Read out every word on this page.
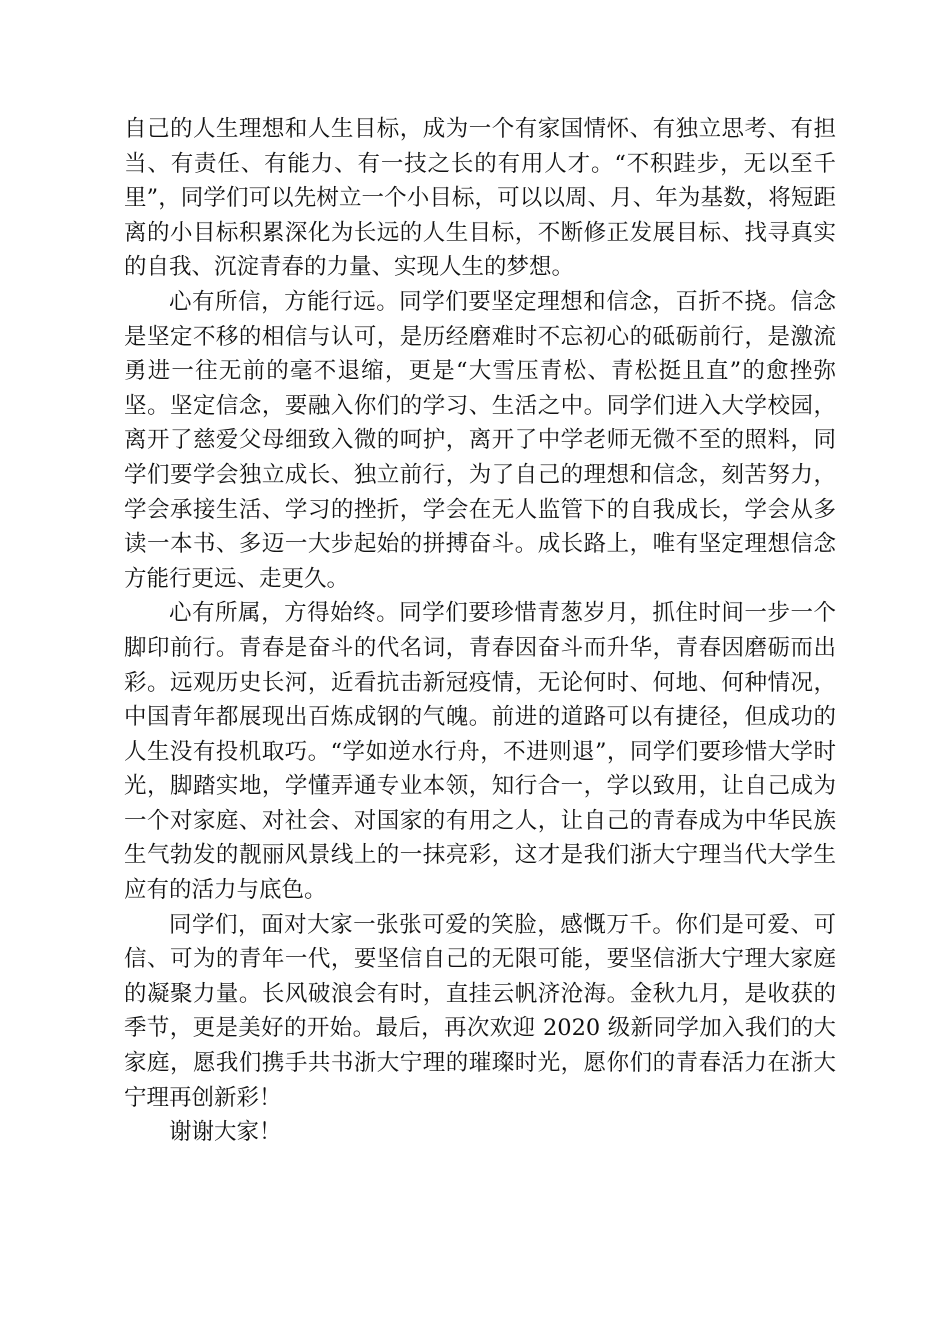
自己的人生理想和人生目标，成为一个有家国情怀、有独立思考、有担当、有责任、有能力、有一技之长的有用人才。“不积跬步，无以至千里”，同学们可以先树立一个小目标，可以以周、月、年为基数，将短距离的小目标积累深化为长远的人生目标，不断修正发展目标、找寻真实的自我、沉淀青春的力量、实现人生的梦想。

心有所信，方能行远。同学们要坚定理想和信念，百折不挠。信念是坚定不移的相信与认可，是历经磨难时不忘初心的砥砺前行，是激流勇进一往无前的毫不退缩，更是“大雪压青松、青松挺且直”的愈挫弥坚。坚定信念，要融入你们的学习、生活之中。同学们进入大学校园，离开了慈爱父母细致入微的呵护，离开了中学老师无微不至的照料，同学们要学会独立成长、独立前行，为了自己的理想和信念，刻苦努力，学会承接生活、学习的挫折，学会在无人监管下的自我成长，学会从多读一本书、多迈一大步起始的拼搏奋斗。成长路上，唯有坚定理想信念方能行更远、走更久。

心有所属，方得始终。同学们要珍惜青葱岁月，抓住时间一步一个脚印前行。青春是奋斗的代名词，青春因奋斗而升华，青春因磨砺而出彩。远观历史长河，近看抗击新冠疫情，无论何时、何地、何种情况，中国青年都展现出百炼成钢的气魄。前进的道路可以有捷径，但成功的人生没有投机取巧。“学如逆水行舟，不进则退”，同学们要珍惜大学时光，脚踏实地，学懂弄通专业本领，知行合一，学以致用，让自己成为一个对家庭、对社会、对国家的有用之人，让自己的青春成为中华民族生气勃发的靓丽风景线上的一抹亮彩，这才是我们浙大宁理当代大学生应有的活力与底色。

同学们，面对大家一张张可爱的笑脸，感慨万千。你们是可爱、可信、可为的青年一代，要坚信自己的无限可能，要坚信浙大宁理大家庭的凝聚力量。长风破浪会有时，直挂云帆济沧海。金秋九月，是收获的季节，更是美好的开始。最后，再次欢迎 2020 级新同学加入我们的大家庭，愿我们携手共书浙大宁理的璀璨时光，愿你们的青春活力在浙大宁理再创新彩！

谢谢大家！
